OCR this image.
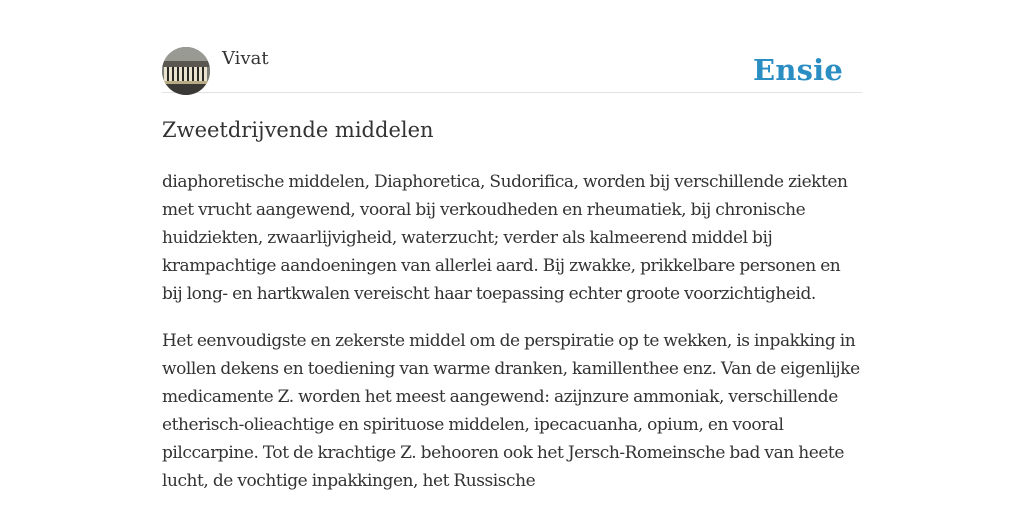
Vivat	Ensie
Zweetdrijvende middelen

diaphoretische middelen, Diaphoretica, Sudorifica, worden bij verschillende ziekten met vrucht aangewend, vooral bij verkoudheden en rheumatiek, bij chronische huidziekten, zwaarlijvigheid, waterzucht; verder als kalmeerend middel bij krampachtige aandoeningen van allerlei aard. Bij zwakke, prikkelbare personen en bij long- en hartkwalen vereischt haar toepassing echter groote voorzichtigheid.

Het eenvoudigste en zekerste middel om de perspiratie op te wekken, is inpakking in wollen dekens en toediening van warme dranken, kamillenthee enz. Van de eigenlijke medicamente Z. worden het meest aangewend: azijnzure ammoniak, verschillende etherisch-olieachtige en spirituose middelen, ipecacuanha, opium, en vooral pilccarpine. Tot de krachtige Z. behooren ook het Jersch-Romeinsche bad van heete lucht, de vochtige inpakkingen, het Russische
